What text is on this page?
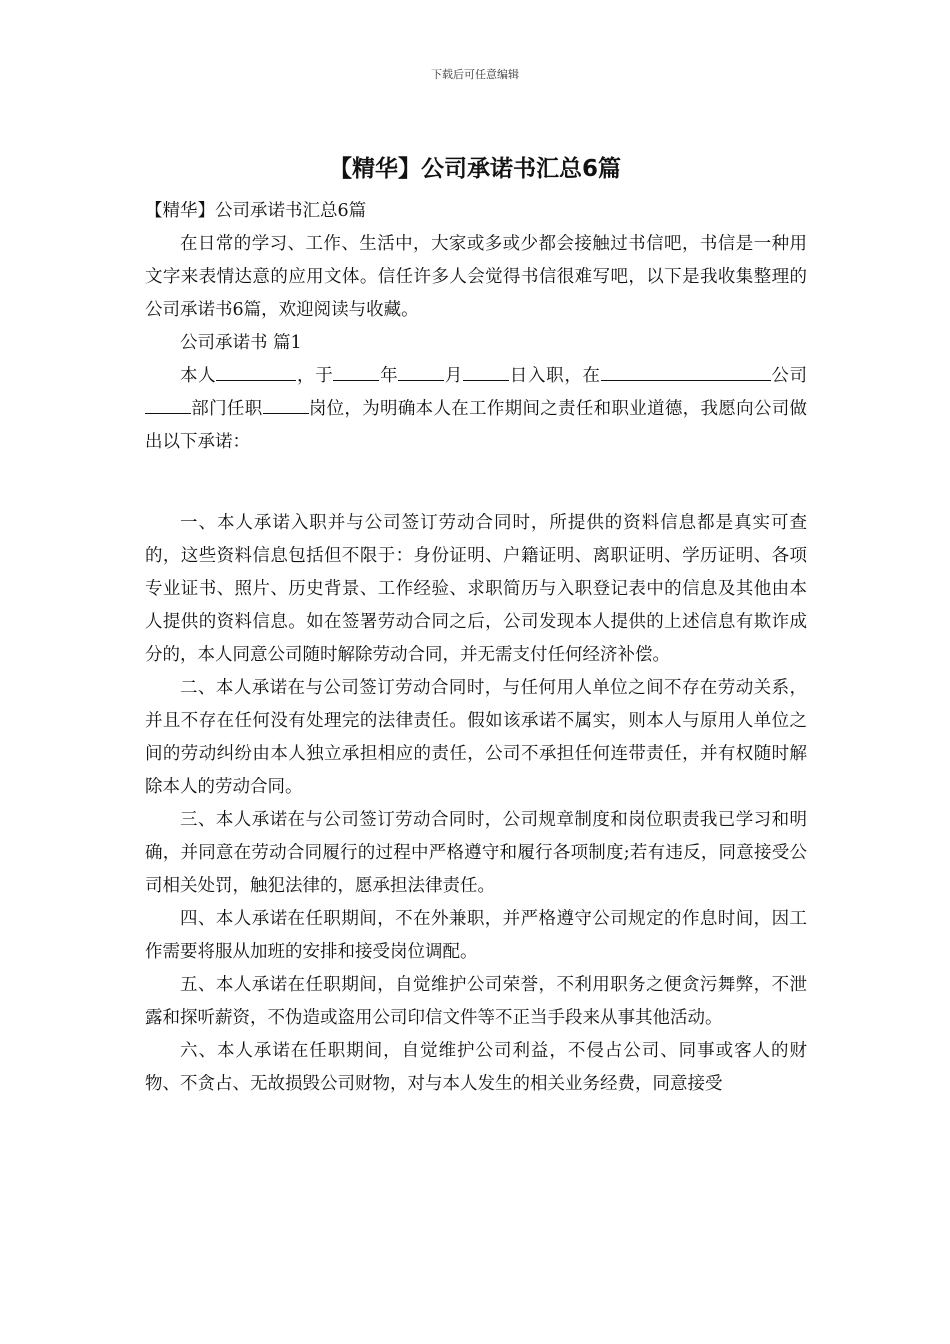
下载后可任意编辑
【精华】公司承诺书汇总6篇

【精华】公司承诺书汇总6篇

在日常的学习、工作、生活中，大家或多或少都会接触过书信吧，书信是一种用文字来表情达意的应用文体。信任许多人会觉得书信很难写吧，以下是我收集整理的公司承诺书6篇，欢迎阅读与收藏。

公司承诺书 篇1

本人	，于	年	月	日入职，在	公司部门任职	岗位，为明确本人在工作期间之责任和职业道德，我愿向公司做出以下承诺：

一、本人承诺入职并与公司签订劳动合同时，所提供的资料信息都是真实可查的，这些资料信息包括但不限于：身份证明、户籍证明、离职证明、学历证明、各项专业证书、照片、历史背景、工作经验、求职简历与入职登记表中的信息及其他由本人提供的资料信息。如在签署劳动合同之后，公司发现本人提供的上述信息有欺诈成分的，本人同意公司随时解除劳动合同，并无需支付任何经济补偿。

二、本人承诺在与公司签订劳动合同时，与任何用人单位之间不存在劳动关系，并且不存在任何没有处理完的法律责任。假如该承诺不属实，则本人与原用人单位之间的劳动纠纷由本人独立承担相应的责任，公司不承担任何连带责任，并有权随时解除本人的劳动合同。

三、本人承诺在与公司签订劳动合同时，公司规章制度和岗位职责我已学习和明确，并同意在劳动合同履行的过程中严格遵守和履行各项制度;若有违反，同意接受公司相关处罚，触犯法律的，愿承担法律责任。

四、本人承诺在任职期间，不在外兼职，并严格遵守公司规定的作息时间，因工作需要将服从加班的安排和接受岗位调配。

五、本人承诺在任职期间，自觉维护公司荣誉，不利用职务之便贪污舞弊，不泄露和探听薪资，不伪造或盗用公司印信文件等不正当手段来从事其他活动。

六、本人承诺在任职期间，自觉维护公司利益，不侵占公司、同事或客人的财物、不贪占、无故损毁公司财物，对与本人发生的相关业务经费，同意接受
